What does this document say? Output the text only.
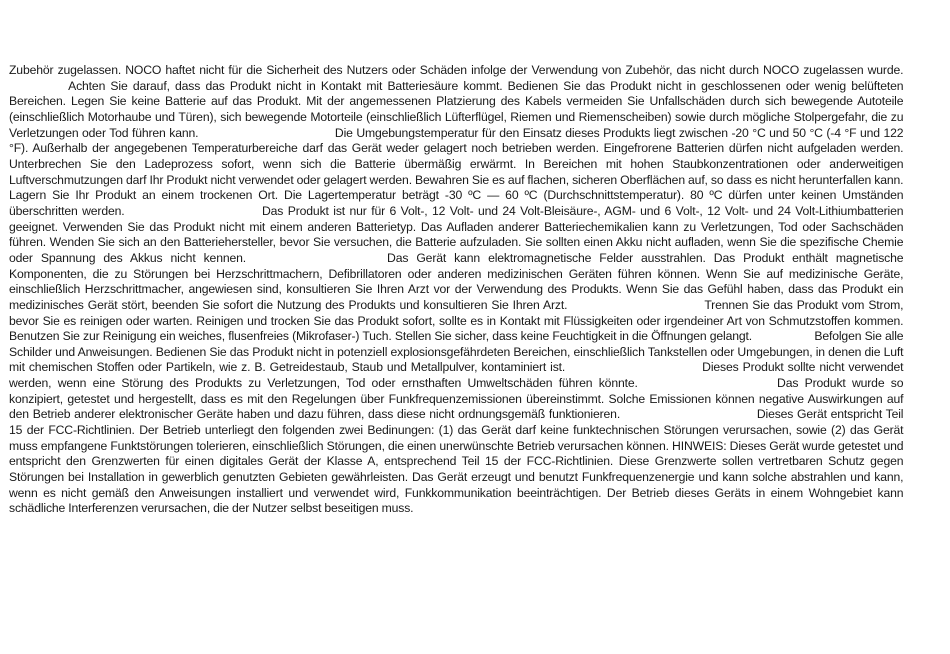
Zubehör zugelassen. NOCO haftet nicht für die Sicherheit des Nutzers oder Schäden infolge der Verwendung von Zubehör, das nicht durch NOCO zugelassen wurde. Achten Sie darauf, dass das Produkt nicht in Kontakt mit Batteriesäure kommt. Bedienen Sie das Produkt nicht in geschlossenen oder wenig belüfteten Bereichen. Legen Sie keine Batterie auf das Produkt. Mit der angemessenen Platzierung des Kabels vermeiden Sie Unfallschäden durch sich bewegende Autoteile (einschließlich Motorhaube und Türen), sich bewegende Motorteile (einschließlich Lüfterflügel, Riemen und Riemenscheiben) sowie durch mögliche Stolpergefahr, die zu Verletzungen oder Tod führen kann.	Die Umgebungstemperatur für den Einsatz dieses Produkts liegt zwischen -20 °C und 50 °C (-4 °F und 122 °F). Außerhalb der angegebenen Temperaturbereiche darf das Gerät weder gelagert noch betrieben werden. Eingefrorene Batterien dürfen nicht aufgeladen werden. Unterbrechen Sie den Ladeprozess sofort, wenn sich die Batterie übermäßig erwärmt. In Bereichen mit hohen Staubkonzentrationen oder anderweitigen Luftverschmutzungen darf Ihr Produkt nicht verwendet oder gelagert werden. Bewahren Sie es auf flachen, sicheren Oberflächen auf, so dass es nicht herunterfallen kann. Lagern Sie Ihr Produkt an einem trockenen Ort. Die Lagertemperatur beträgt -30 ºC — 60 ºC (Durchschnittstemperatur). 80 ºC dürfen unter keinen Umständen überschritten werden.	Das Produkt ist nur für 6 Volt-, 12 Volt- und 24 Volt-Bleisäure-, AGM- und 6 Volt-, 12 Volt- und 24 Volt-Lithiumbatterien geeignet. Verwenden Sie das Produkt nicht mit einem anderen Batterietyp. Das Aufladen anderer Batteriechemikalien kann zu Verletzungen, Tod oder Sachschäden führen. Wenden Sie sich an den Batteriehersteller, bevor Sie versuchen, die Batterie aufzuladen. Sie sollten einen Akku nicht aufladen, wenn Sie die spezifische Chemie oder Spannung des Akkus nicht kennen.	Das Gerät kann elektromagnetische Felder ausstrahlen. Das Produkt enthält magnetische Komponenten, die zu Störungen bei Herzschrittmachern, Defibrillatoren oder anderen medizinischen Geräten führen können. Wenn Sie auf medizinische Geräte, einschließlich Herzschrittmacher, angewiesen sind, konsultieren Sie Ihren Arzt vor der Verwendung des Produkts. Wenn Sie das Gefühl haben, dass das Produkt ein medizinisches Gerät stört, beenden Sie sofort die Nutzung des Produkts und konsultieren Sie Ihren Arzt.	Trennen Sie das Produkt vom Strom, bevor Sie es reinigen oder warten. Reinigen und trocken Sie das Produkt sofort, sollte es in Kontakt mit Flüssigkeiten oder irgendeiner Art von Schmutzstoffen kommen. Benutzen Sie zur Reinigung ein weiches, flusenfreies (Mikrofaser-) Tuch. Stellen Sie sicher, dass keine Feuchtigkeit in die Öffnungen gelangt.	Befolgen Sie alle Schilder und Anweisungen. Bedienen Sie das Produkt nicht in potenziell explosionsgefährdeten Bereichen, einschließlich Tankstellen oder Umgebungen, in denen die Luft mit chemischen Stoffen oder Partikeln, wie z. B. Getreidestaub, Staub und Metallpulver, kontaminiert ist.	Dieses Produkt sollte nicht verwendet werden, wenn eine Störung des Produkts zu Verletzungen, Tod oder ernsthaften Umweltschäden führen könnte.	Das Produkt wurde so konzipiert, getestet und hergestellt, dass es mit den Regelungen über Funkfrequenzemissionen übereinstimmt. Solche Emissionen können negative Auswirkungen auf den Betrieb anderer elektronischer Geräte haben und dazu führen, dass diese nicht ordnungsgemäß funktionieren.	Dieses Gerät entspricht Teil 15 der FCC-Richtlinien. Der Betrieb unterliegt den folgenden zwei Bedinungen: (1) das Gerät darf keine funktechnischen Störungen verursachen, sowie (2) das Gerät muss empfangene Funktstörungen tolerieren, einschließlich Störungen, die einen unerwünschte Betrieb verursachen können. HINWEIS: Dieses Gerät wurde getestet und entspricht den Grenzwerten für einen digitales Gerät der Klasse A, entsprechend Teil 15 der FCC-Richtlinien. Diese Grenzwerte sollen vertretbaren Schutz gegen Störungen bei Installation in gewerblich genutzten Gebieten gewährleisten. Das Gerät erzeugt und benutzt Funkfrequenzenergie und kann solche abstrahlen und kann, wenn es nicht gemäß den Anweisungen installiert und verwendet wird, Funkkommunikation beeinträchtigen. Der Betrieb dieses Geräts in einem Wohngebiet kann schädliche Interferenzen verursachen, die der Nutzer selbst beseitigen muss.
